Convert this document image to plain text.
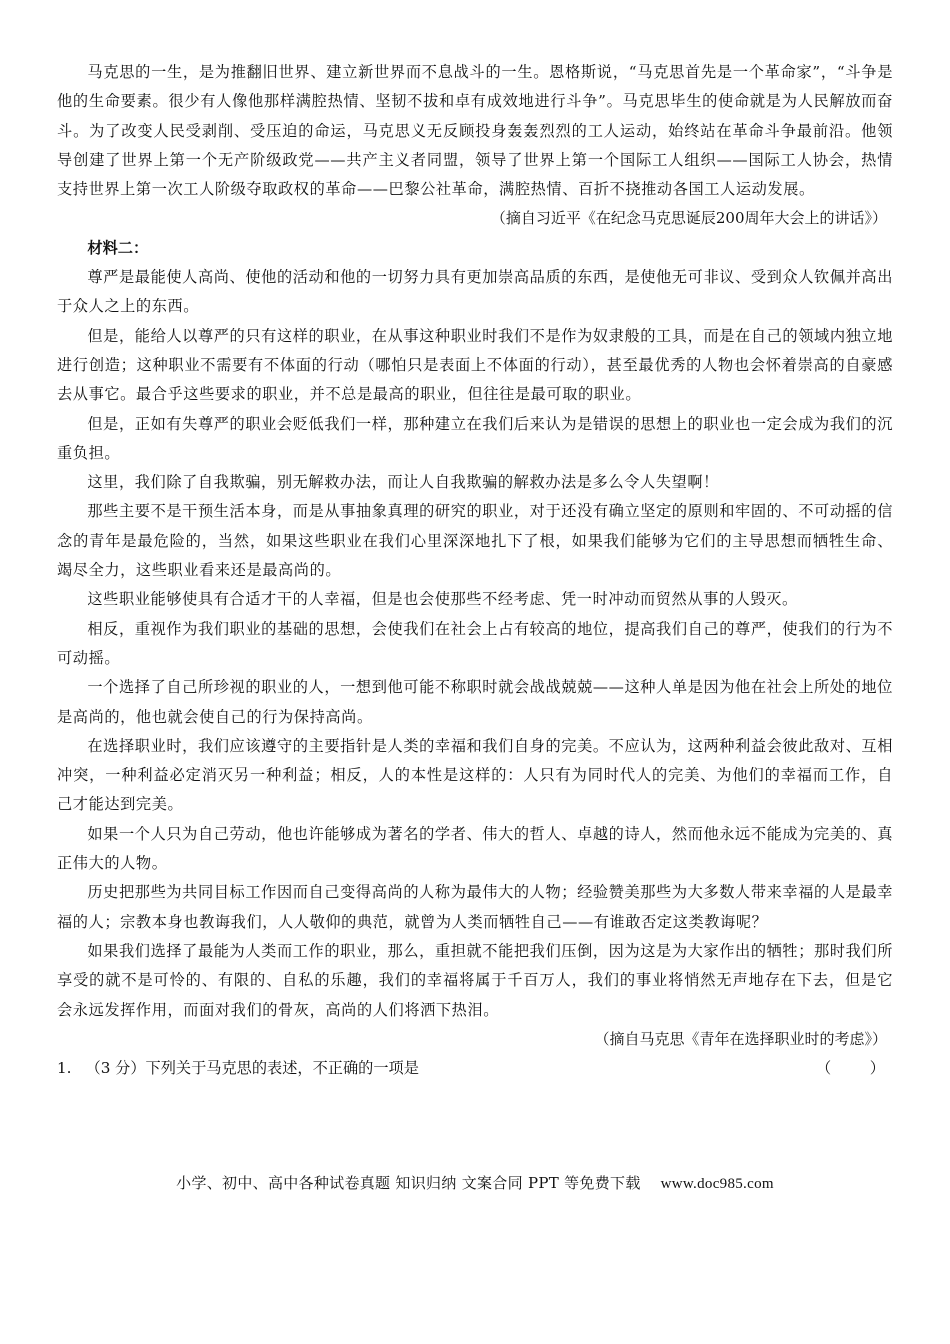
马克思的一生，是为推翻旧世界、建立新世界而不息战斗的一生。恩格斯说，“马克思首先是一个革命家”，“斗争是他的生命要素。很少有人像他那样满腔热情、坚韧不拔和卓有成效地进行斗争”。马克思毕生的使命就是为人民解放而奋斗。为了改变人民受剥削、受压迫的命运，马克思义无反顾投身轰轰烈烈的工人运动，始终站在革命斗争最前沿。他领导创建了世界上第一个无产阶级政党——共产主义者同盟，领导了世界上第一个国际工人组织——国际工人协会，热情支持世界上第一次工人阶级夺取政权的革命——巴黎公社革命，满腔热情、百折不挠推动各国工人运动发展。

（摘自习近平《在纪念马克思诞辰200周年大会上的讲话》）

材料二：

尊严是最能使人高尚、使他的活动和他的一切努力具有更加崇高品质的东西，是使他无可非议、受到众人钦佩并高出于众人之上的东西。

但是，能给人以尊严的只有这样的职业，在从事这种职业时我们不是作为奴隶般的工具，而是在自己的领域内独立地进行创造；这种职业不需要有不体面的行动（哪怕只是表面上不体面的行动），甚至最优秀的人物也会怀着崇高的自豪感去从事它。最合乎这些要求的职业，并不总是最高的职业，但往往是最可取的职业。

但是，正如有失尊严的职业会贬低我们一样，那种建立在我们后来认为是错误的思想上的职业也一定会成为我们的沉重负担。

这里，我们除了自我欺骗，别无解救办法，而让人自我欺骗的解救办法是多么令人失望啊！

那些主要不是干预生活本身，而是从事抽象真理的研究的职业，对于还没有确立坚定的原则和牢固的、不可动摇的信念的青年是最危险的，当然，如果这些职业在我们心里深深地扎下了根，如果我们能够为它们的主导思想而牺牲生命、竭尽全力，这些职业看来还是最高尚的。

这些职业能够使具有合适才干的人幸福，但是也会使那些不经考虑、凭一时冲动而贸然从事的人毁灭。

相反，重视作为我们职业的基础的思想，会使我们在社会上占有较高的地位，提高我们自己的尊严，使我们的行为不可动摇。

一个选择了自己所珍视的职业的人，一想到他可能不称职时就会战战兢兢——这种人单是因为他在社会上所处的地位是高尚的，他也就会使自己的行为保持高尚。

在选择职业时，我们应该遵守的主要指针是人类的幸福和我们自身的完美。不应认为，这两种利益会彼此敌对、互相冲突，一种利益必定消灭另一种利益；相反，人的本性是这样的：人只有为同时代人的完美、为他们的幸福而工作，自己才能达到完美。

如果一个人只为自己劳动，他也许能够成为著名的学者、伟大的哲人、卓越的诗人，然而他永远不能成为完美的、真正伟大的人物。

历史把那些为共同目标工作因而自己变得高尚的人称为最伟大的人物；经验赞美那些为大多数人带来幸福的人是最幸福的人；宗教本身也教诲我们，人人敬仰的典范，就曾为人类而牺牲自己——有谁敢否定这类教诲呢？

如果我们选择了最能为人类而工作的职业，那么，重担就不能把我们压倒，因为这是为大家作出的牺牲；那时我们所享受的就不是可怜的、有限的、自私的乐趣，我们的幸福将属于千百万人，我们的事业将悄然无声地存在下去，但是它会永远发挥作用，而面对我们的骨灰，高尚的人们将洒下热泪。

（摘自马克思《青年在选择职业时的考虑》）

1. （3 分）下列关于马克思的表述，不正确的一项是	（        ）
小学、初中、高中各种试卷真题 知识归纳 文案合同 PPT 等免费下载 www.doc985.com
